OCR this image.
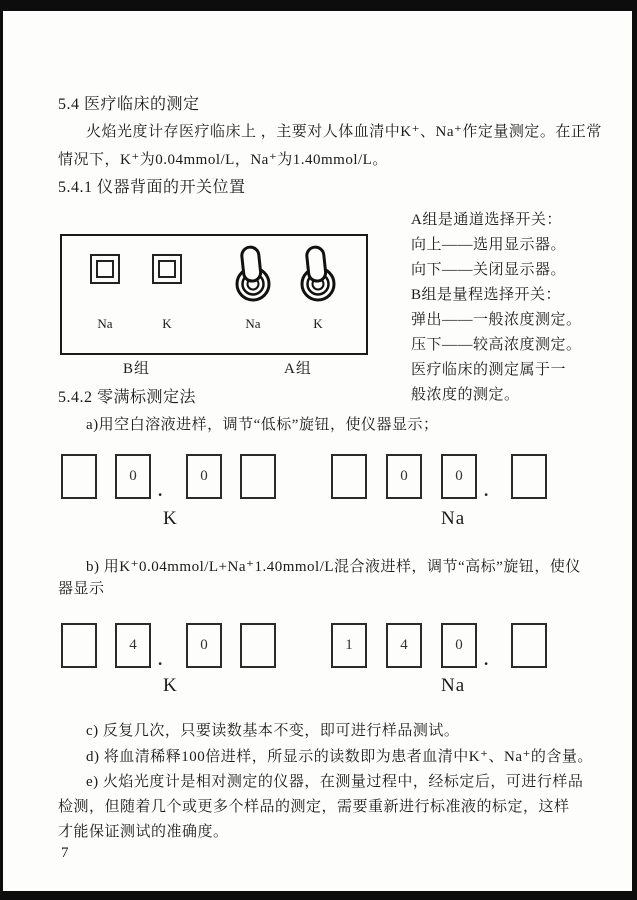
5.4 医疗临床的测定
火焰光度计存医疗临床上 ，主要对人体血清中K⁺、Na⁺作定量测定。在正常
情况下，K⁺为0.04mmol/L，Na⁺为1.40mmol/L。
5.4.1 仪器背面的开关位置
Na	K	Na	K
B组	A组
A组是通道选择开关：
向上——选用显示器。
向下——关闭显示器。
B组是量程选择开关：
弹出——一般浓度测定。
压下——较高浓度测定。
医疗临床的测定属于一
般浓度的测定。
5.4.2 零满标测定法
a)用空白溶液进样，调节“低标”旋钮，使仪器显示；
0
.
0
K
0	0
.
Na
b) 用K⁺0.04mmol/L+Na⁺1.40mmol/L混合液进样，调节“高标”旋钮，使仪
器显示
4
.
0
K
1	4	0
.
Na
c) 反复几次，只要读数基本不变，即可进行样品测试。
d) 将血清稀释100倍进样，所显示的读数即为患者血清中K⁺、Na⁺的含量。
e) 火焰光度计是相对测定的仪器，在测量过程中，经标定后，可进行样品
检测，但随着几个或更多个样品的测定，需要重新进行标准液的标定，这样
才能保证测试的准确度。
7
